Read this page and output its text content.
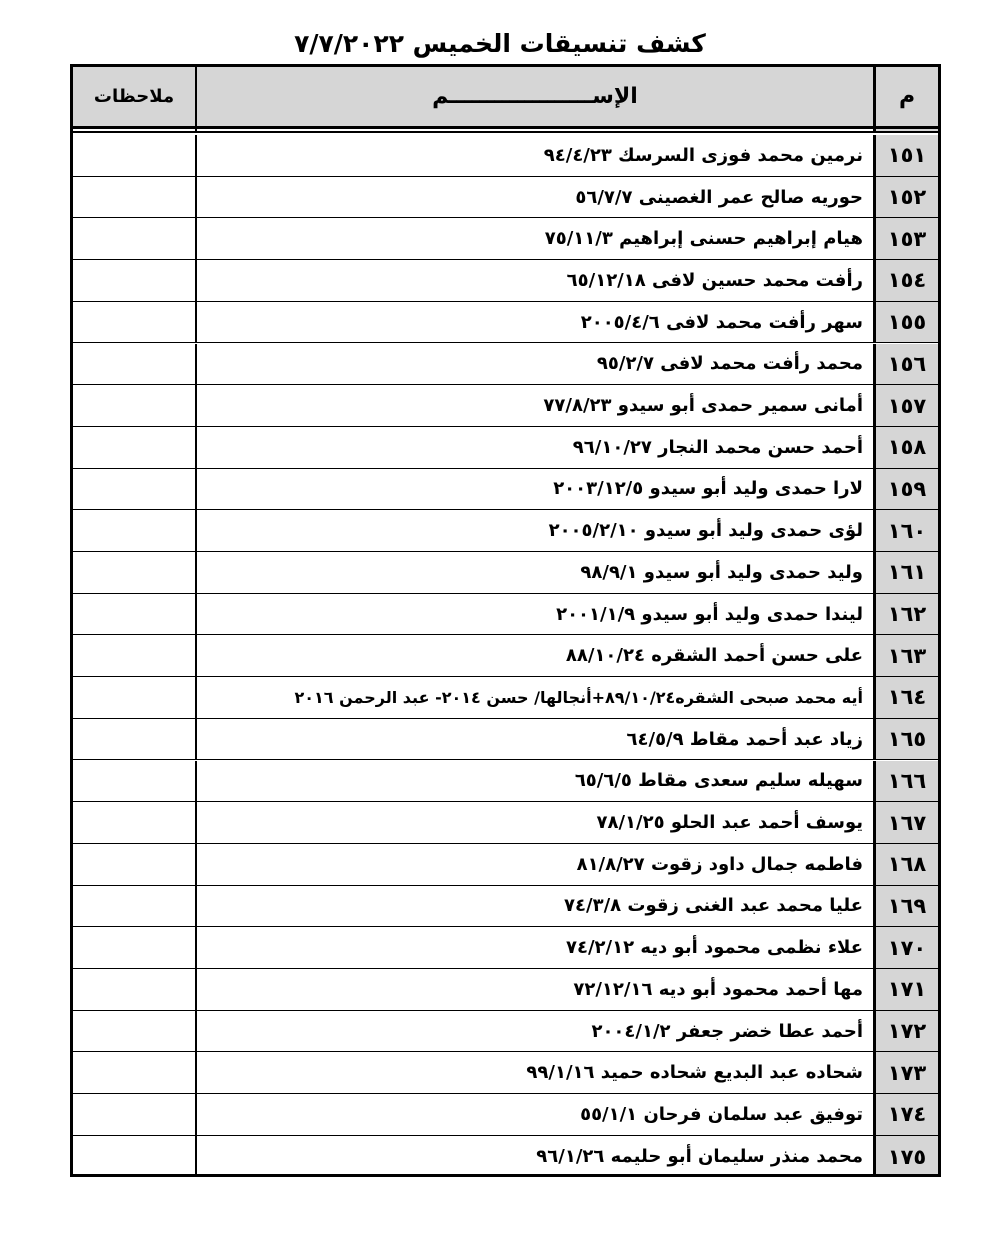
كشف تنسيقات الخميس ٧/٧/٢٠٢٢
م
الإســـــــــــــــــــم
ملاحظات
١٥١
نرمين محمد فوزى السرسك ٩٤/٤/٢٣
١٥٢
حوريه صالح عمر الغصينى ٥٦/٧/٧
١٥٣
هيام إبراهيم حسنى إبراهيم ٧٥/١١/٣
١٥٤
رأفت محمد حسين لافى ٦٥/١٢/١٨
١٥٥
سهر رأفت محمد لافى ٢٠٠٥/٤/٦
١٥٦
محمد رأفت محمد لافى ٩٥/٢/٧
١٥٧
أمانى سمير حمدى أبو سيدو ٧٧/٨/٢٣
١٥٨
أحمد حسن محمد النجار ٩٦/١٠/٢٧
١٥٩
لارا حمدى وليد أبو سيدو ٢٠٠٣/١٢/٥
١٦٠
لؤى حمدى وليد أبو سيدو ٢٠٠٥/٢/١٠
١٦١
وليد حمدى وليد أبو سيدو ٩٨/٩/١
١٦٢
ليندا حمدى وليد أبو سيدو ٢٠٠١/١/٩
١٦٣
على حسن أحمد الشقره ٨٨/١٠/٢٤
١٦٤
أيه محمد صبحى الشقره٨٩/١٠/٢٤+أنجالها/ حسن ٢٠١٤- عبد الرحمن ٢٠١٦
١٦٥
زياد عبد أحمد مقاط ٦٤/٥/٩
١٦٦
سهيله سليم سعدى مقاط ٦٥/٦/٥
١٦٧
يوسف أحمد عبد الحلو ٧٨/١/٢٥
١٦٨
فاطمه جمال داود زقوت ٨١/٨/٢٧
١٦٩
عليا محمد عبد الغنى زقوت ٧٤/٣/٨
١٧٠
علاء نظمى محمود أبو ديه ٧٤/٢/١٢
١٧١
مها أحمد محمود أبو ديه ٧٢/١٢/١٦
١٧٢
أحمد عطا خضر جعفر ٢٠٠٤/١/٢
١٧٣
شحاده عبد البديع شحاده حميد ٩٩/١/١٦
١٧٤
توفيق عبد سلمان فرحان ٥٥/١/١
١٧٥
محمد منذر سليمان أبو حليمه ٩٦/١/٢٦
